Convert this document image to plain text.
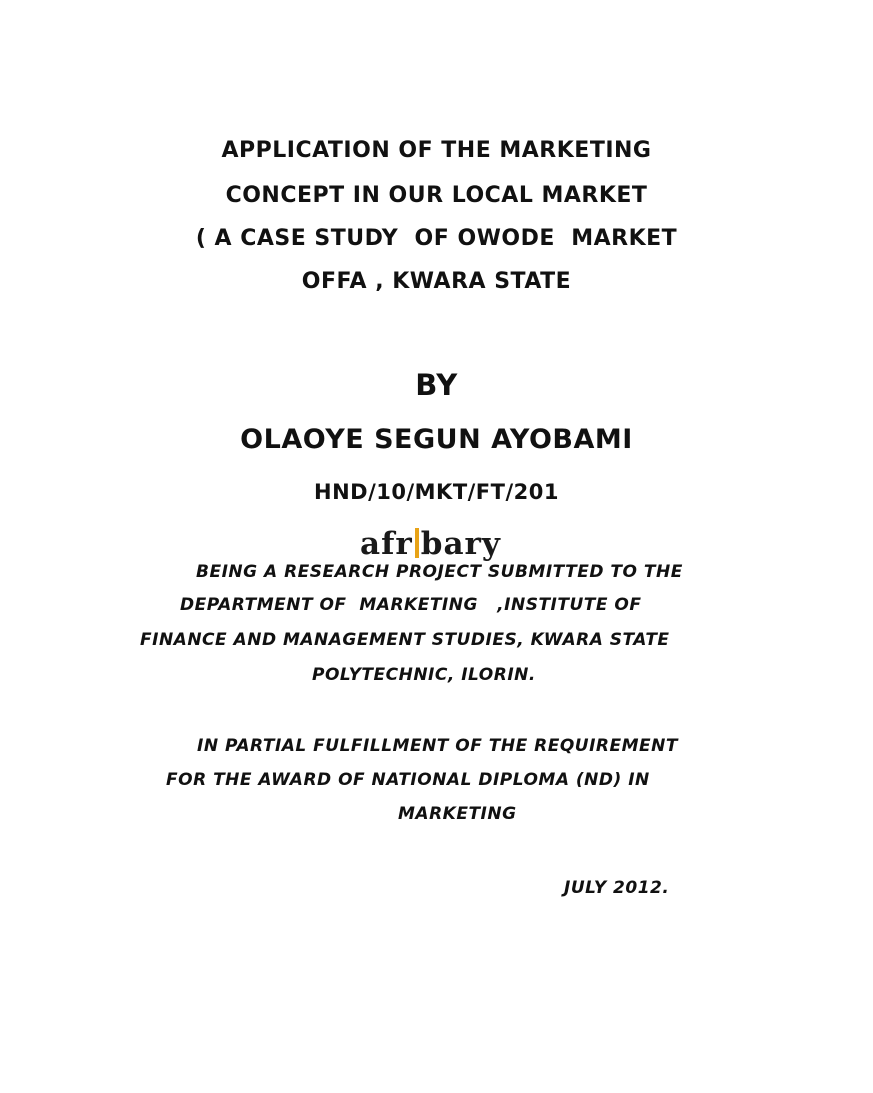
APPLICATION OF THE MARKETING
CONCEPT IN OUR LOCAL MARKET
( A CASE STUDY  OF OWODE  MARKET
OFFA , KWARA STATE
BY
OLAOYE SEGUN AYOBAMI
HND/10/MKT/FT/201
afr bary
BEING A RESEARCH PROJECT SUBMITTED TO THE
DEPARTMENT OF  MARKETING   ,INSTITUTE OF
FINANCE AND MANAGEMENT STUDIES, KWARA STATE
POLYTECHNIC, ILORIN.
IN PARTIAL FULFILLMENT OF THE REQUIREMENT
FOR THE AWARD OF NATIONAL DIPLOMA (ND) IN
MARKETING
JULY 2012.
